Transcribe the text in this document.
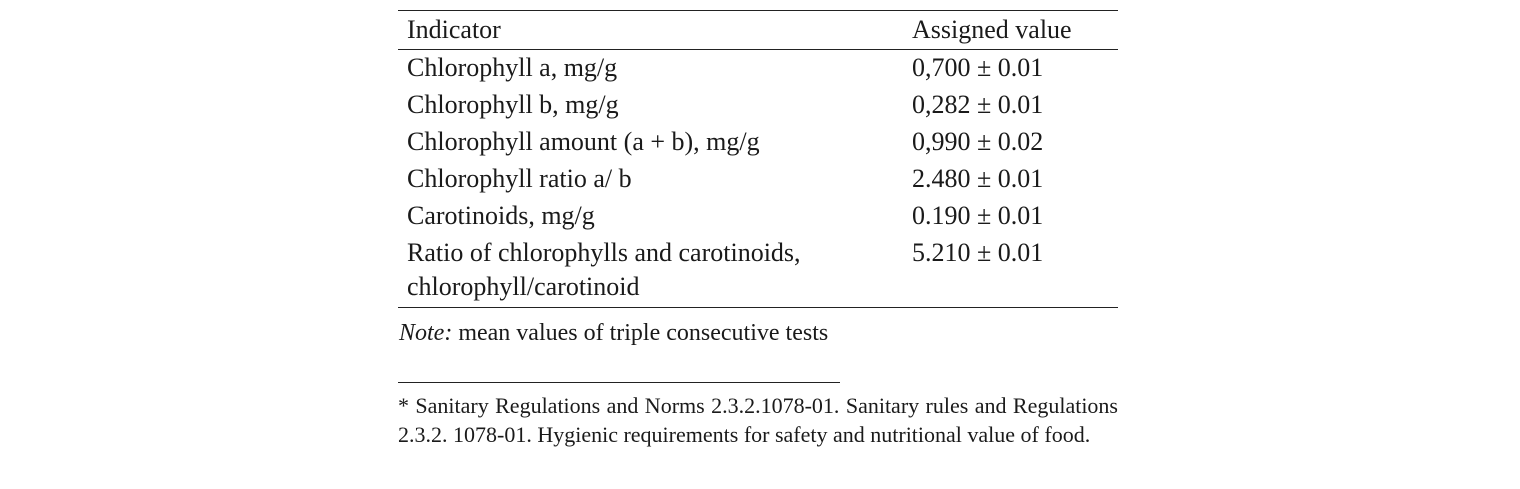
Indicator	Assigned value
Chlorophyll a, mg/g	0,700 ± 0.01
Chlorophyll b, mg/g	0,282 ± 0.01
Chlorophyll amount (a + b), mg/g	0,990 ± 0.02
Chlorophyll ratio a/ b	2.480 ± 0.01
Carotinoids, mg/g	0.190 ± 0.01
Ratio of chlorophylls and carotinoids, chlorophyll/carotinoid	5.210 ± 0.01
Note: mean values of triple consecutive tests
* Sanitary Regulations and Norms 2.3.2.1078-01. Sanitary rules and Regulations 2.3.2. 1078-01. Hygienic requirements for safety and nutritional value of food.
